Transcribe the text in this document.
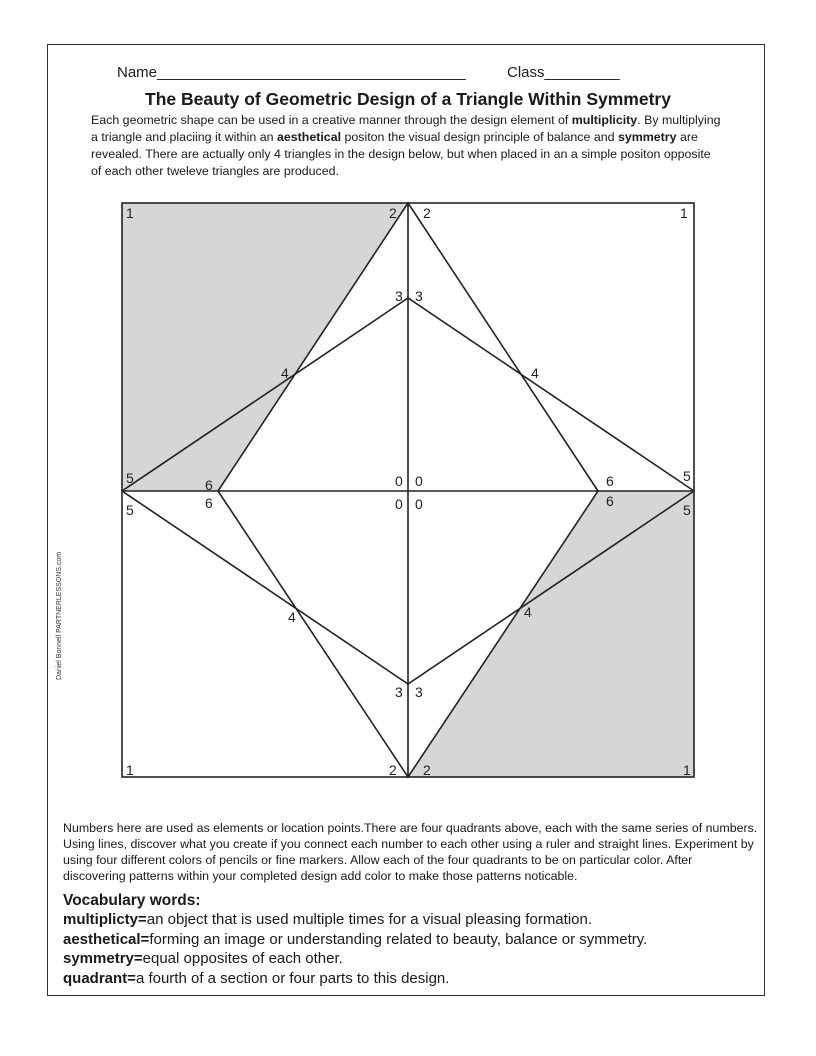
Name_____________________________________	Class_________
The Beauty of Geometric Design of a Triangle Within Symmetry

Each geometric shape can be used in a creative manner through the design element of multiplicity. By multiplying a triangle and placiing it within an aesthetical positon the visual design principle of balance and symmetry are revealed. There are actually only 4 triangles in the design below, but when placed in an a simple positon opposite of each other tweleve triangles are produced.

1	2
3
4
5	6	0
1
2
3
4
5
6
0
1	2
3
4
5	6	0
1
2
3
4
5
6
0
Daniel Bonnell PARTNERLESSONS.com

Numbers here are used as elements or location points.There are four quadrants above, each with the same series of numbers. Using lines, discover what you create if you connect each number to each other using a ruler and straight lines. Experiment by using four different colors of pencils or fine markers. Allow each of the four quadrants to be on particular color. After discovering patterns within your completed design add color to make those patterns noticable.

Vocabulary words:
multiplicty=an object that is used multiple times for a visual pleasing formation.
aesthetical=forming an image or understanding related to beauty, balance or symmetry.
symmetry=equal opposites of each other.
quadrant=a fourth of a section or four parts to this design.
